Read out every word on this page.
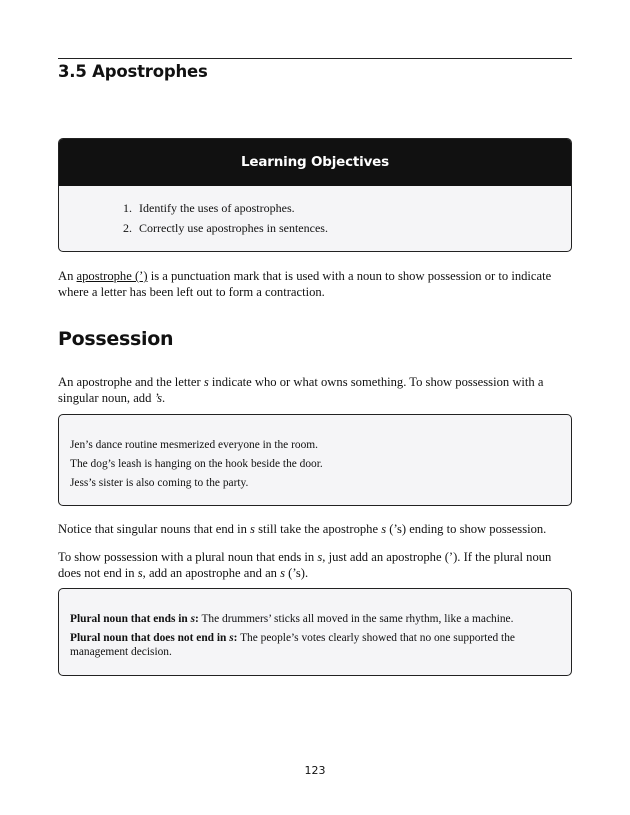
3.5 Apostrophes
Learning Objectives
1. Identify the uses of apostrophes.
2. Correctly use apostrophes in sentences.

An apostrophe (’) is a punctuation mark that is used with a noun to show possession or to indicate where a letter has been left out to form a contraction.

Possession

An apostrophe and the letter s indicate who or what owns something. To show possession with a singular noun, add ’s.

Jen’s dance routine mesmerized everyone in the room.
The dog’s leash is hanging on the hook beside the door.
Jess’s sister is also coming to the party.

Notice that singular nouns that end in s still take the apostrophe s (’s) ending to show possession.

To show possession with a plural noun that ends in s, just add an apostrophe (’). If the plural noun does not end in s, add an apostrophe and an s (’s).

Plural noun that ends in s: The drummers’ sticks all moved in the same rhythm, like a machine.
Plural noun that does not end in s: The people’s votes clearly showed that no one supported the management decision.
123
